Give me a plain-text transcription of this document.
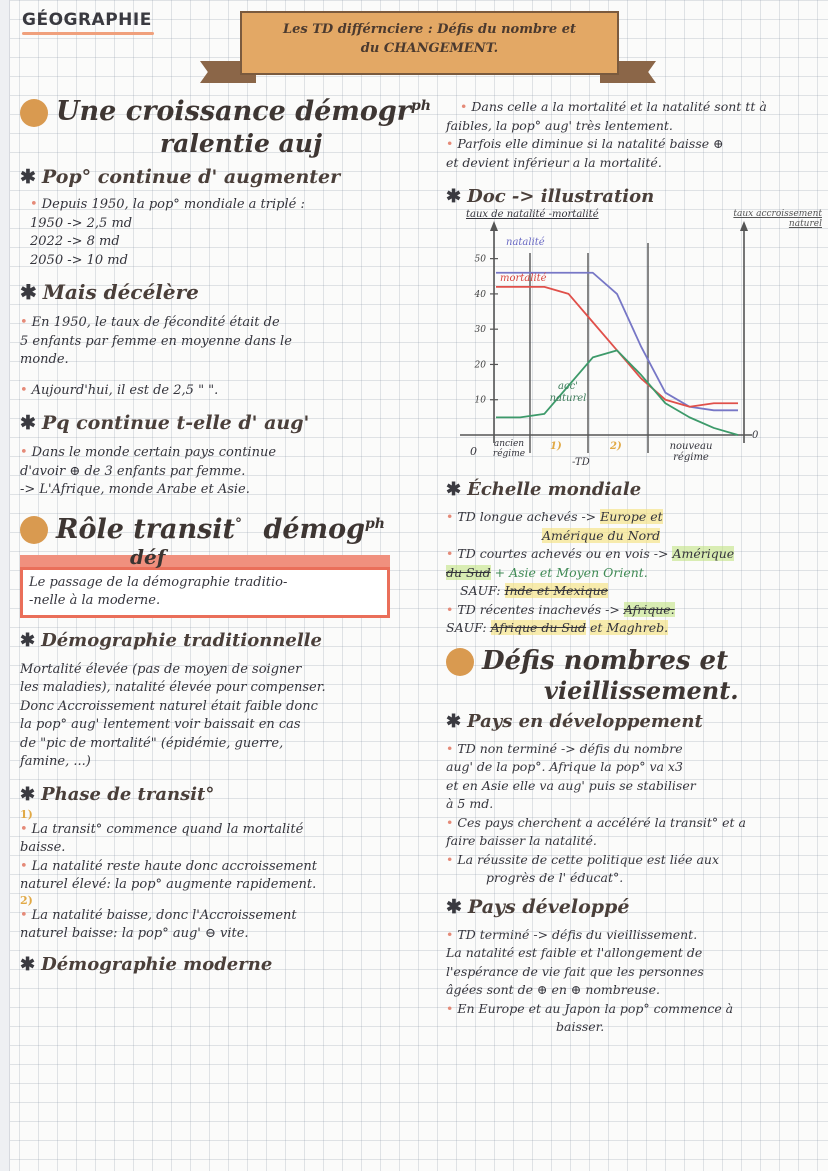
GÉOGRAPHIE	Les TD différnciere : Défis du nombre et
du CHANGEMENT.
Une croissance démogr$^{ph}$
ralentie auj
✱ Pop° continue d' augmenter
• Depuis 1950, la pop° mondiale a triplé :
1950 -> 2,5 md
2022 -> 8 md
2050 -> 10 md
✱ Mais décélère
• En 1950, le taux de fécondité était de
5 enfants par femme en moyenne dans le
monde.
• Aujourd'hui, il est de 2,5 " ".
✱ Pq continue t-elle d' aug'
• Dans le monde certain pays continue
d'avoir ⊕ de 3 enfants par femme.
-> L'Afrique, monde Arabe et Asie.
Rôle transit° démog$^{ph}$
déf
Le passage de la démographie traditio-
-nelle à la moderne.
✱ Démographie traditionnelle
Mortalité élevée (pas de moyen de soigner
les maladies), natalité élevée pour compenser.
Donc Accroissement naturel était faible donc
la pop° aug' lentement voir baissait en cas
de "pic de mortalité" (épidémie, guerre,
famine, ...)
✱ Phase de transit°
1)
• La transit° commence quand la mortalité
baisse.
• La natalité reste haute donc accroissement
naturel élevé: la pop° augmente rapidement.
2)
• La natalité baisse, donc l'Accroissement
naturel baisse: la pop° aug' ⊖ vite.
✱ Démographie moderne
• Dans celle a la mortalité et la natalité sont tt à
faibles, la pop° aug' très lentement.
• Parfois elle diminue si la natalité baisse ⊕
et devient inférieur a la mortalité.
✱ Doc -> illustration
10
20
30
40
50
taux de natalité -mortalité	taux accroissement naturel
natalité
mortalité
acc' naturel
ancien régime
1)
-TD
2)	nouveau régime
0
0
✱ Échelle mondiale
• TD longue achevés -> Europe et
Amérique du Nord
• TD courtes achevés ou en vois -> Amérique
du Sud + Asie et Moyen Orient.
SAUF: Inde et Mexique
• TD récentes inachevés -> Afrique.
SAUF: Afrique du Sud et Maghreb.
Défis nombres et
vieillissement.
✱ Pays en développement
• TD non terminé -> défis du nombre
aug' de la pop°. Afrique la pop° va x3
et en Asie elle va aug' puis se stabiliser
à 5 md.
• Ces pays cherchent a accéléré la transit° et a
faire baisser la natalité.
• La réussite de cette politique est liée aux
progrès de l' éducat°.
✱ Pays développé
• TD terminé -> défis du vieillissement.
La natalité est faible et l'allongement de
l'espérance de vie fait que les personnes
âgées sont de ⊕ en ⊕ nombreuse.
• En Europe et au Japon la pop° commence à
baisser.
